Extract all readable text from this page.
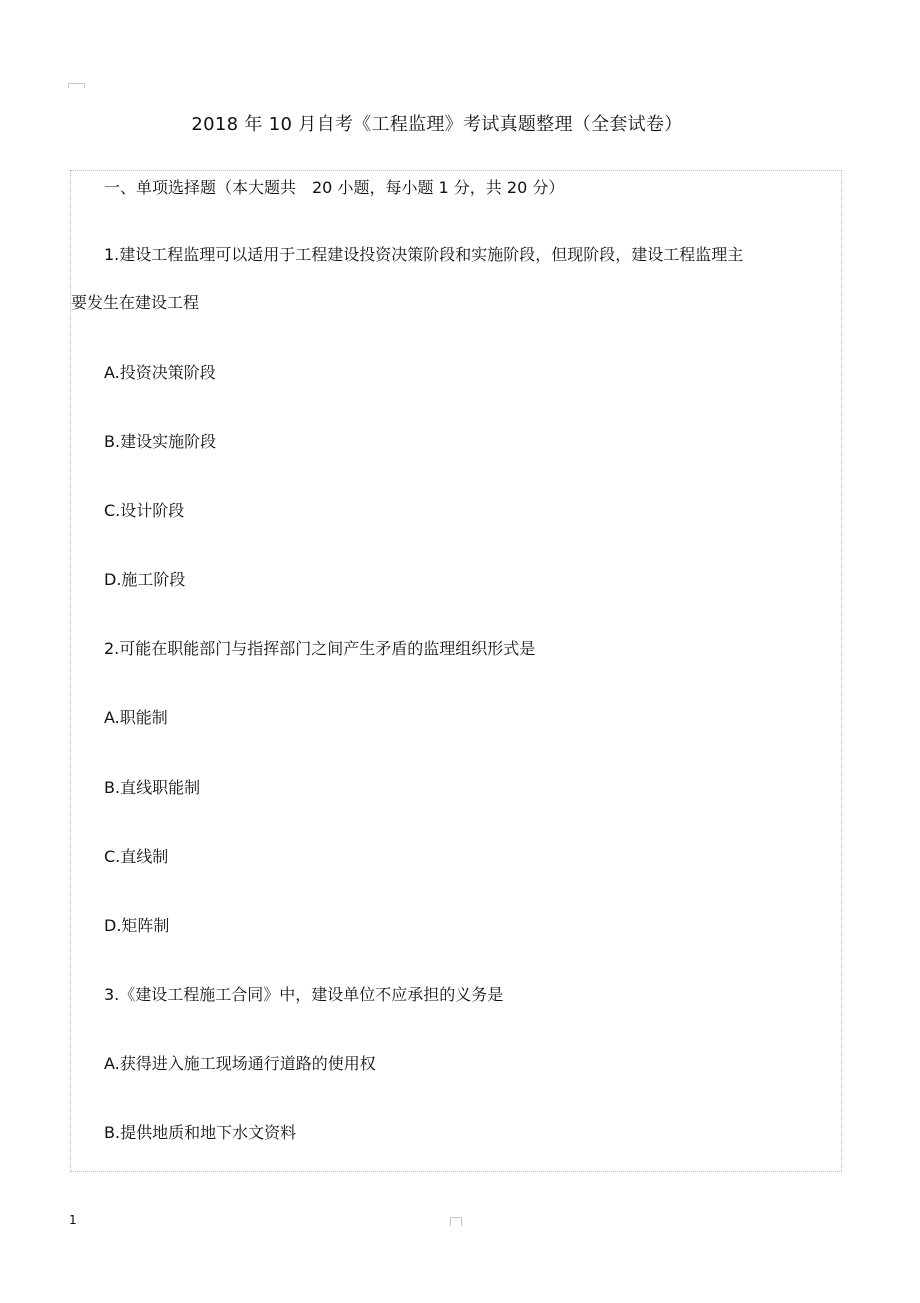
2018 年 10 月自考《工程监理》考试真题整理（全套试卷）
一、单项选择题（本大题共　20 小题，每小题 1 分，共 20 分）
1.建设工程监理可以适用于工程建设投资决策阶段和实施阶段，但现阶段，建设工程监理主
要发生在建设工程
A.投资决策阶段
B.建设实施阶段
C.设计阶段
D.施工阶段
2.可能在职能部门与指挥部门之间产生矛盾的监理组织形式是
A.职能制
B.直线职能制
C.直线制
D.矩阵制
3.《建设工程施工合同》中，建设单位不应承担的义务是
A.获得进入施工现场通行道路的使用权
B.提供地质和地下水文资料
1
